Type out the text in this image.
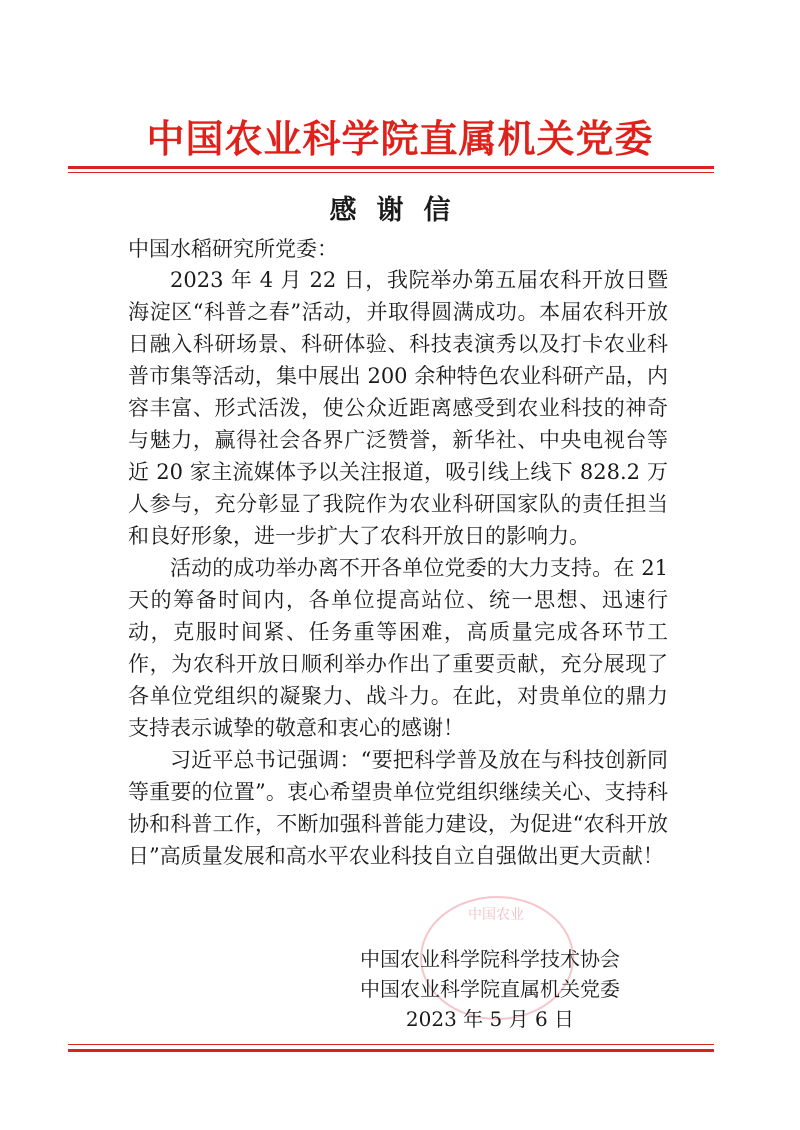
中国农业科学院直属机关党委
感谢信
中国水稻研究所党委：

2023 年 4 月 22 日，我院举办第五届农科开放日暨海淀区“科普之春”活动，并取得圆满成功。本届农科开放日融入科研场景、科研体验、科技表演秀以及打卡农业科普市集等活动，集中展出 200 余种特色农业科研产品，内容丰富、形式活泼，使公众近距离感受到农业科技的神奇与魅力，赢得社会各界广泛赞誉，新华社、中央电视台等近 20 家主流媒体予以关注报道，吸引线上线下 828.2 万人参与，充分彰显了我院作为农业科研国家队的责任担当和良好形象，进一步扩大了农科开放日的影响力。

活动的成功举办离不开各单位党委的大力支持。在 21 天的筹备时间内，各单位提高站位、统一思想、迅速行动，克服时间紧、任务重等困难，高质量完成各环节工作，为农科开放日顺利举办作出了重要贡献，充分展现了各单位党组织的凝聚力、战斗力。在此，对贵单位的鼎力支持表示诚挚的敬意和衷心的感谢！

习近平总书记强调：“要把科学普及放在与科技创新同等重要的位置”。衷心希望贵单位党组织继续关心、支持科协和科普工作，不断加强科普能力建设，为促进“农科开放日”高质量发展和高水平农业科技自立自强做出更大贡献！

中国农业
中国农业科学院科学技术协会
中国农业科学院直属机关党委
2023 年 5 月 6 日
